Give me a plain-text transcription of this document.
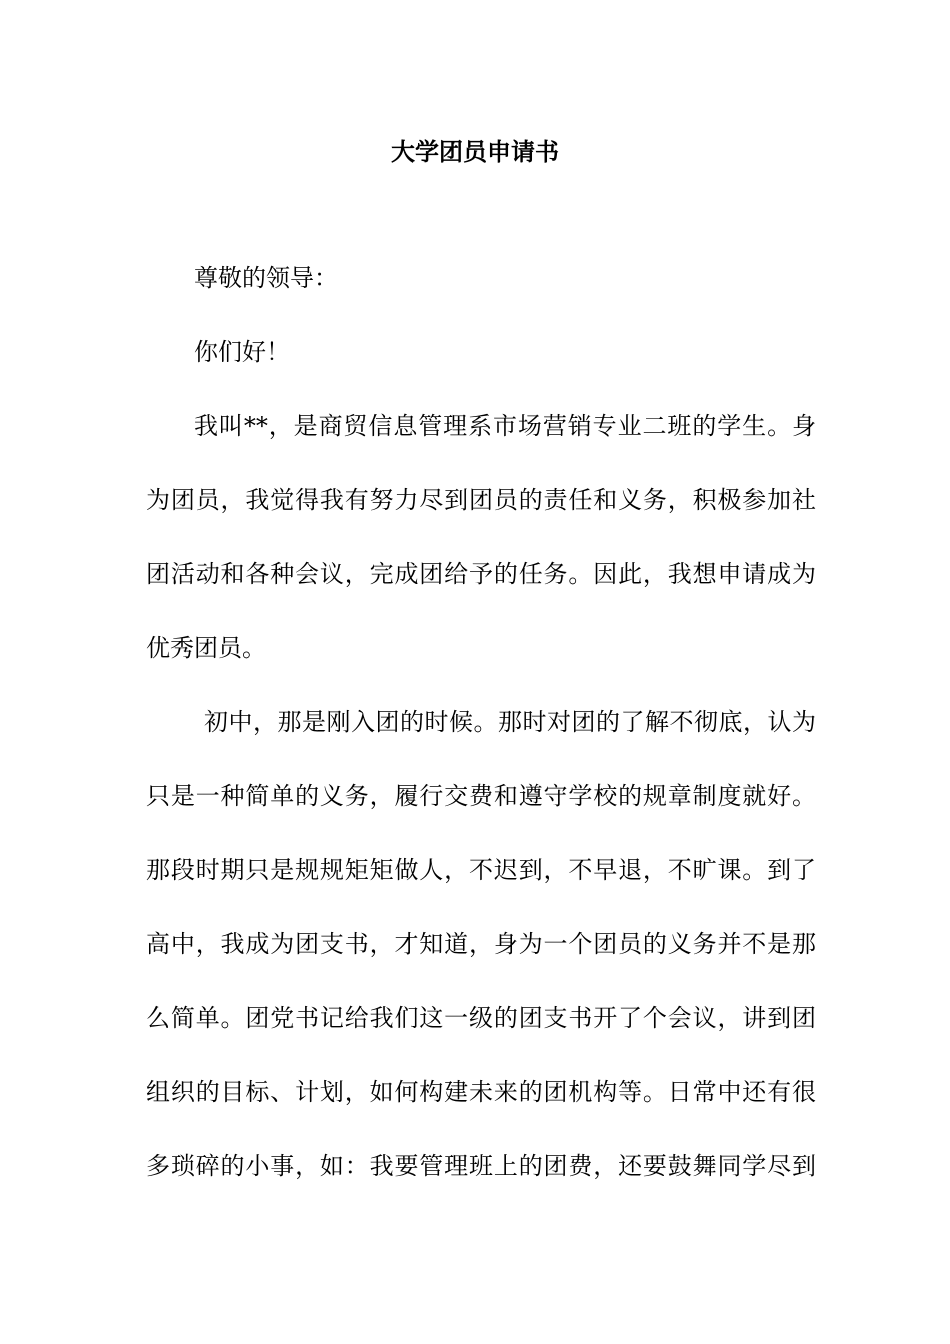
大学团员申请书
尊敬的领导：
你们好！
我叫**，是商贸信息管理系市场营销专业二班的学生。身
为团员，我觉得我有努力尽到团员的责任和义务，积极参加社
团活动和各种会议，完成团给予的任务。因此，我想申请成为
优秀团员。
初中，那是刚入团的时候。那时对团的了解不彻底，认为
只是一种简单的义务，履行交费和遵守学校的规章制度就好。
那段时期只是规规矩矩做人，不迟到，不早退，不旷课。到了
高中，我成为团支书，才知道，身为一个团员的义务并不是那
么简单。团党书记给我们这一级的团支书开了个会议，讲到团
组织的目标、计划，如何构建未来的团机构等。日常中还有很
多琐碎的小事，如：我要管理班上的团费，还要鼓舞同学尽到
